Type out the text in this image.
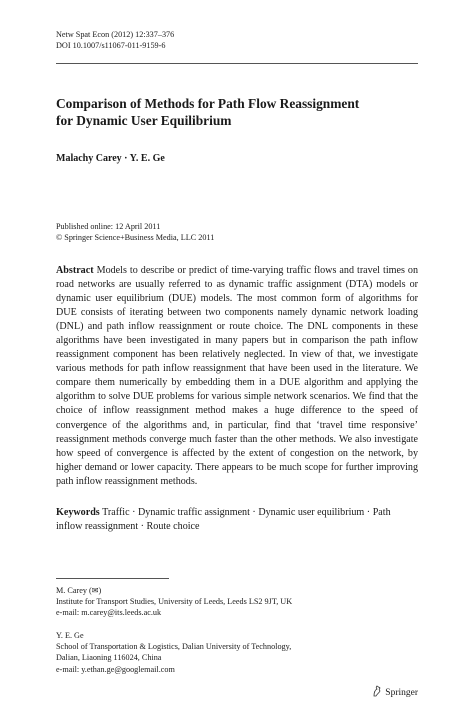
Netw Spat Econ (2012) 12:337–376
DOI 10.1007/s11067-011-9159-6
Comparison of Methods for Path Flow Reassignment
for Dynamic User Equilibrium
Malachy Carey · Y. E. Ge
Published online: 12 April 2011
© Springer Science+Business Media, LLC 2011
Abstract Models to describe or predict of time-varying traffic flows and travel times on road networks are usually referred to as dynamic traffic assignment (DTA) models or dynamic user equilibrium (DUE) models. The most common form of algorithms for DUE consists of iterating between two components namely dynamic network loading (DNL) and path inflow reassignment or route choice. The DNL components in these algorithms have been investigated in many papers but in comparison the path inflow reassignment component has been relatively neglected. In view of that, we investigate various methods for path inflow reassignment that have been used in the literature. We compare them numerically by embedding them in a DUE algorithm and applying the algorithm to solve DUE problems for various simple network scenarios. We find that the choice of inflow reassignment method makes a huge difference to the speed of convergence of the algorithms and, in particular, find that ‘travel time responsive’ reassignment methods converge much faster than the other methods. We also investigate how speed of convergence is affected by the extent of congestion on the network, by higher demand or lower capacity. There appears to be much scope for further improving path inflow reassignment methods.
Keywords Traffic · Dynamic traffic assignment · Dynamic user equilibrium · Path inflow reassignment · Route choice
M. Carey (✉)
Institute for Transport Studies, University of Leeds, Leeds LS2 9JT, UK
e-mail: m.carey@its.leeds.ac.uk
Y. E. Ge
School of Transportation & Logistics, Dalian University of Technology,
Dalian, Liaoning 116024, China
e-mail: y.ethan.ge@googlemail.com
Springer
